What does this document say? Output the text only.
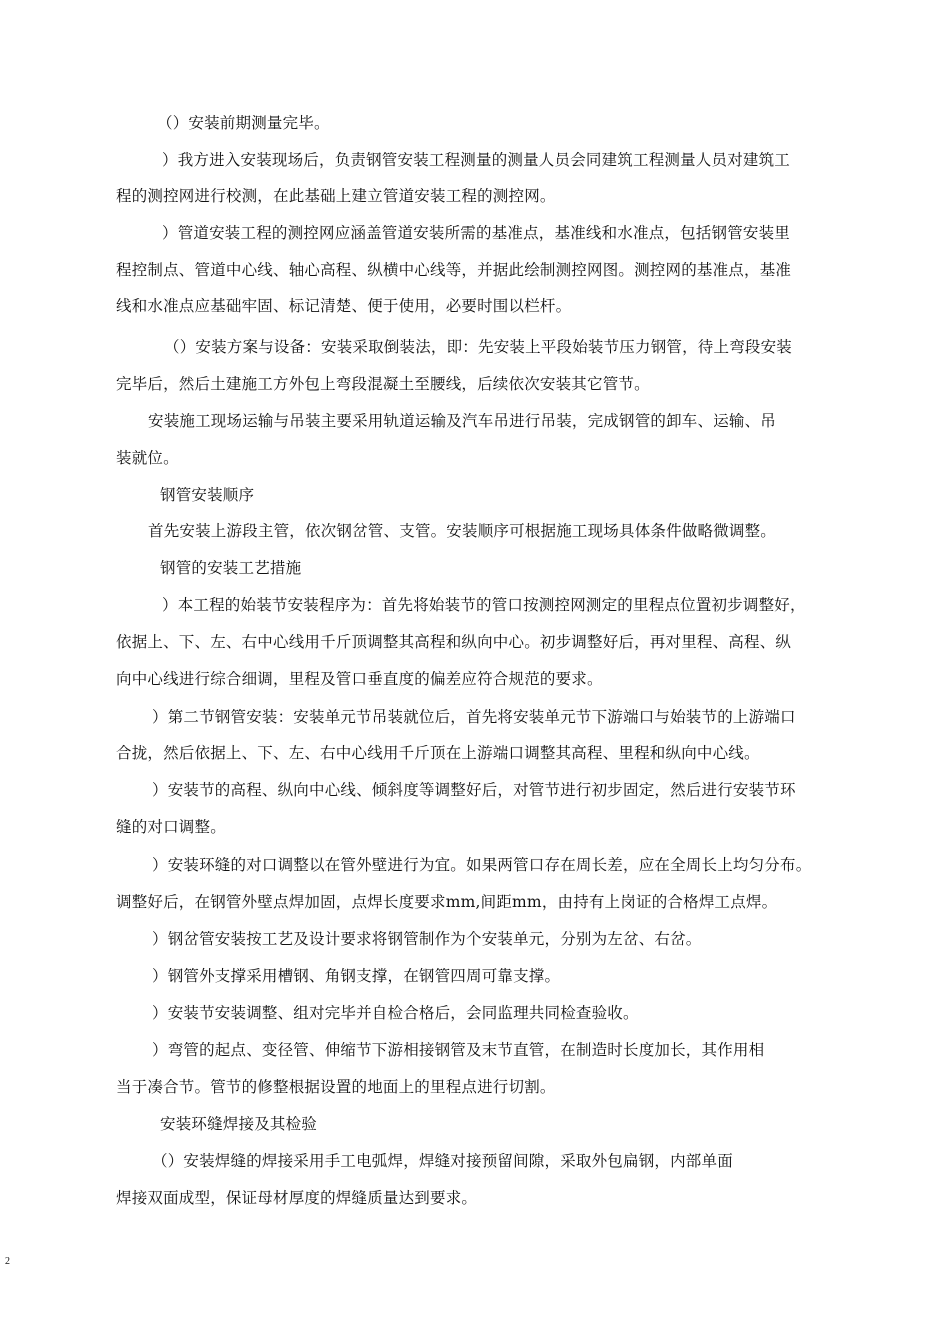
（）安装前期测量完毕。

）我方进入安装现场后，负责钢管安装工程测量的测量人员会同建筑工程测量人员对建筑工

程的测控网进行校测，在此基础上建立管道安装工程的测控网。

）管道安装工程的测控网应涵盖管道安装所需的基准点，基准线和水准点，包括钢管安装里

程控制点、管道中心线、轴心高程、纵横中心线等，并据此绘制测控网图。测控网的基准点，基准

线和水准点应基础牢固、标记清楚、便于使用，必要时围以栏杆。

（）安装方案与设备：安装采取倒装法，即：先安装上平段始装节压力钢管，待上弯段安装

完毕后，然后土建施工方外包上弯段混凝土至腰线，后续依次安装其它管节。

安装施工现场运输与吊装主要采用轨道运输及汽车吊进行吊装，完成钢管的卸车、运输、吊

装就位。

钢管安装顺序

首先安装上游段主管，依次钢岔管、支管。安装顺序可根据施工现场具体条件做略微调整。

钢管的安装工艺措施

）本工程的始装节安装程序为：首先将始装节的管口按测控网测定的里程点位置初步调整好，

依据上、下、左、右中心线用千斤顶调整其高程和纵向中心。初步调整好后，再对里程、高程、纵

向中心线进行综合细调，里程及管口垂直度的偏差应符合规范的要求。

）第二节钢管安装：安装单元节吊装就位后，首先将安装单元节下游端口与始装节的上游端口

合拢，然后依据上、下、左、右中心线用千斤顶在上游端口调整其高程、里程和纵向中心线。

）安装节的高程、纵向中心线、倾斜度等调整好后，对管节进行初步固定，然后进行安装节环

缝的对口调整。

）安装环缝的对口调整以在管外壁进行为宜。如果两管口存在周长差，应在全周长上均匀分布。

调整好后，在钢管外壁点焊加固，点焊长度要求mm,间距mm，由持有上岗证的合格焊工点焊。

）钢岔管安装按工艺及设计要求将钢管制作为个安装单元，分别为左岔、右岔。

）钢管外支撑采用槽钢、角钢支撑，在钢管四周可靠支撑。

）安装节安装调整、组对完毕并自检合格后，会同监理共同检查验收。

）弯管的起点、变径管、伸缩节下游相接钢管及末节直管，在制造时长度加长，其作用相

当于凑合节。管节的修整根据设置的地面上的里程点进行切割。

安装环缝焊接及其检验

（）安装焊缝的焊接采用手工电弧焊，焊缝对接预留间隙，采取外包扁钢，内部单面

焊接双面成型，保证母材厚度的焊缝质量达到要求。

2
